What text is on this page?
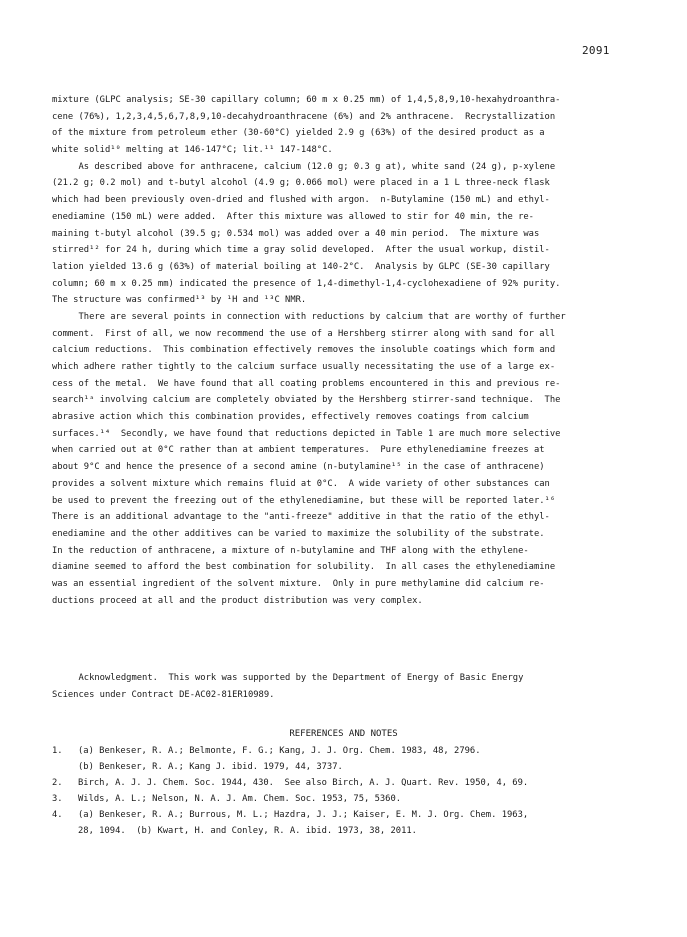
2091
mixture (GLPC analysis; SE-30 capillary column; 60 m x 0.25 mm) of 1,4,5,8,9,10-hexahydroanthra-
cene (76%), 1,2,3,4,5,6,7,8,9,10-decahydroanthracene (6%) and 2% anthracene.  Recrystallization
of the mixture from petroleum ether (30-60°C) yielded 2.9 g (63%) of the desired product as a
white solid¹⁰ melting at 146-147°C; lit.¹¹ 147-148°C.
As described above for anthracene, calcium (12.0 g; 0.3 g at), white sand (24 g), p-xylene
(21.2 g; 0.2 mol) and t-butyl alcohol (4.9 g; 0.066 mol) were placed in a 1 L three-neck flask
which had been previously oven-dried and flushed with argon.  n-Butylamine (150 mL) and ethyl-
enediamine (150 mL) were added.  After this mixture was allowed to stir for 40 min, the re-
maining t-butyl alcohol (39.5 g; 0.534 mol) was added over a 40 min period.  The mixture was
stirred¹² for 24 h, during which time a gray solid developed.  After the usual workup, distil-
lation yielded 13.6 g (63%) of material boiling at 140-2°C.  Analysis by GLPC (SE-30 capillary
column; 60 m x 0.25 mm) indicated the presence of 1,4-dimethyl-1,4-cyclohexadiene of 92% purity.
The structure was confirmed¹³ by ¹H and ¹³C NMR.
There are several points in connection with reductions by calcium that are worthy of further
comment.  First of all, we now recommend the use of a Hershberg stirrer along with sand for all
calcium reductions.  This combination effectively removes the insoluble coatings which form and
which adhere rather tightly to the calcium surface usually necessitating the use of a large ex-
cess of the metal.  We have found that all coating problems encountered in this and previous re-
search¹ᵃ involving calcium are completely obviated by the Hershberg stirrer-sand technique.  The
abrasive action which this combination provides, effectively removes coatings from calcium
surfaces.¹⁴  Secondly, we have found that reductions depicted in Table 1 are much more selective
when carried out at 0°C rather than at ambient temperatures.  Pure ethylenediamine freezes at
about 9°C and hence the presence of a second amine (n-butylamine¹⁵ in the case of anthracene)
provides a solvent mixture which remains fluid at 0°C.  A wide variety of other substances can
be used to prevent the freezing out of the ethylenediamine, but these will be reported later.¹⁶
There is an additional advantage to the "anti-freeze" additive in that the ratio of the ethyl-
enediamine and the other additives can be varied to maximize the solubility of the substrate.
In the reduction of anthracene, a mixture of n-butylamine and THF along with the ethylene-
diamine seemed to afford the best combination for solubility.  In all cases the ethylenediamine
was an essential ingredient of the solvent mixture.  Only in pure methylamine did calcium re-
ductions proceed at all and the product distribution was very complex.
Acknowledgment.  This work was supported by the Department of Energy of Basic Energy
Sciences under Contract DE-AC02-81ER10989.
REFERENCES AND NOTES
1.	(a) Benkeser, R. A.; Belmonte, F. G.; Kang, J. J. Org. Chem. 1983, 48, 2796.
(b) Benkeser, R. A.; Kang J. ibid. 1979, 44, 3737.
2.	Birch, A. J. J. Chem. Soc. 1944, 430.  See also Birch, A. J. Quart. Rev. 1950, 4, 69.
3.	Wilds, A. L.; Nelson, N. A. J. Am. Chem. Soc. 1953, 75, 5360.
4.	(a) Benkeser, R. A.; Burrous, M. L.; Hazdra, J. J.; Kaiser, E. M. J. Org. Chem. 1963,
28, 1094.  (b) Kwart, H. and Conley, R. A. ibid. 1973, 38, 2011.
